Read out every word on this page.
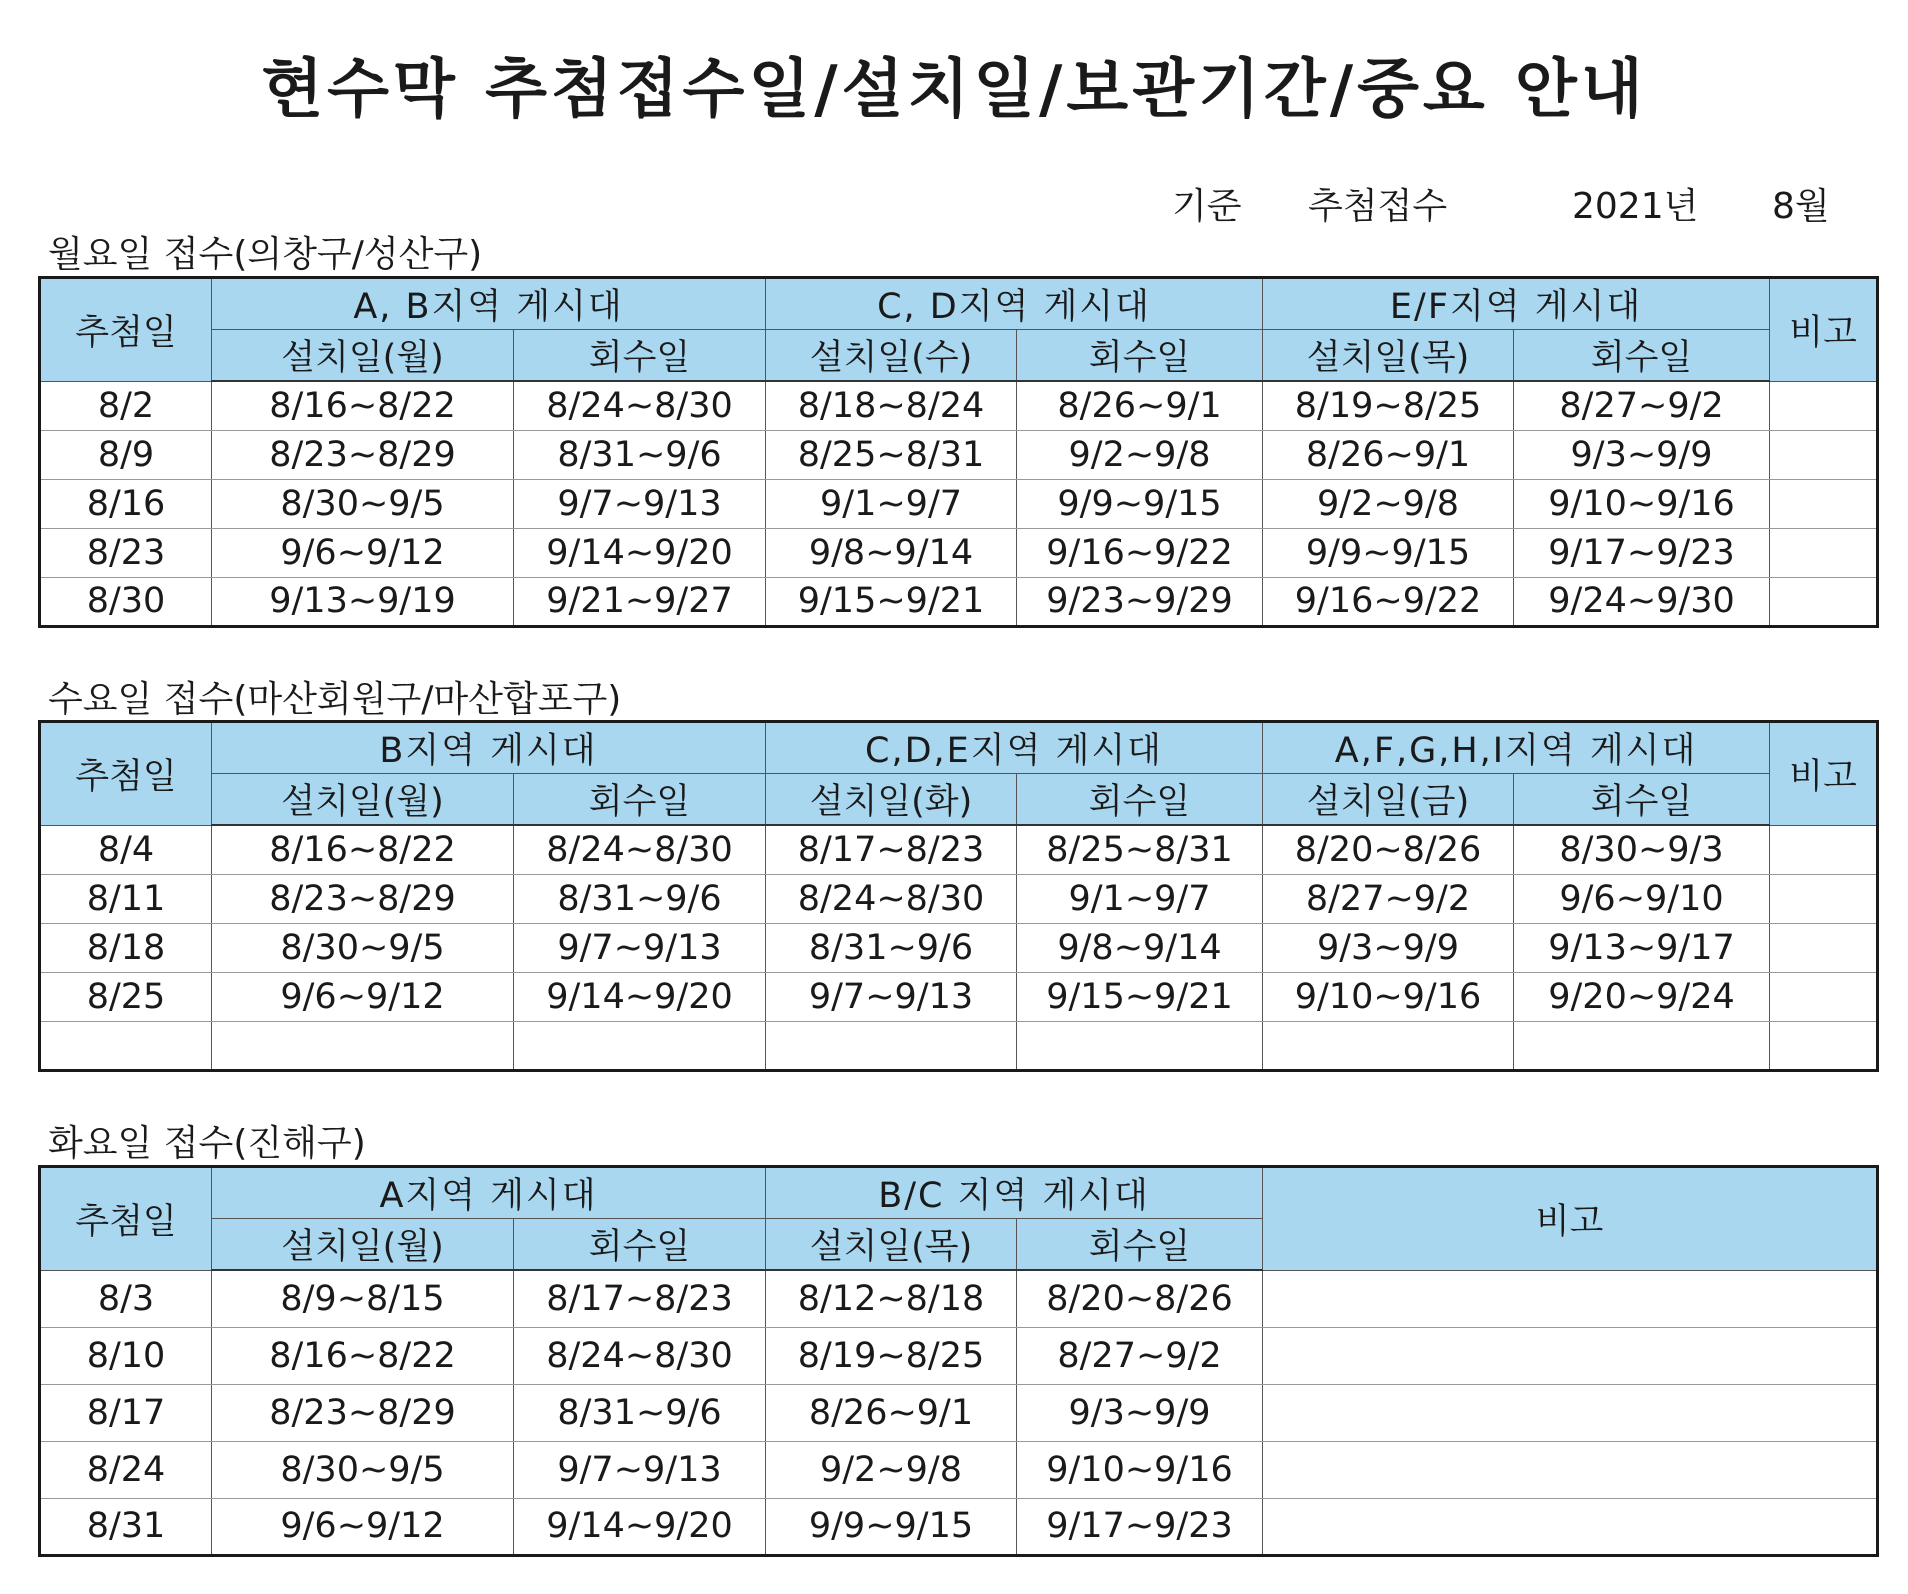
현수막 추첨접수일/설치일/보관기간/중요 안내
기준 추첨접수	2021년 8월
월요일 접수(의창구/성산구)
추첨일	A, B지역 게시대		C, D지역 게시대		E/F지역 게시대		비고
	설치일(월)	회수일	설치일(수)	회수일	설치일(목)	회수일	
8/2	8/16~8/22	8/24~8/30	8/18~8/24	8/26~9/1	8/19~8/25	8/27~9/2	
8/9	8/23~8/29	8/31~9/6	8/25~8/31	9/2~9/8	8/26~9/1	9/3~9/9	
8/16	8/30~9/5	9/7~9/13	9/1~9/7	9/9~9/15	9/2~9/8	9/10~9/16	
8/23	9/6~9/12	9/14~9/20	9/8~9/14	9/16~9/22	9/9~9/15	9/17~9/23	
8/30	9/13~9/19	9/21~9/27	9/15~9/21	9/23~9/29	9/16~9/22	9/24~9/30	
수요일 접수(마산회원구/마산합포구)
추첨일	B지역 게시대		C,D,E지역 게시대		A,F,G,H,I지역 게시대		비고
	설치일(월)	회수일	설치일(화)	회수일	설치일(금)	회수일	
8/4	8/16~8/22	8/24~8/30	8/17~8/23	8/25~8/31	8/20~8/26	8/30~9/3	
8/11	8/23~8/29	8/31~9/6	8/24~8/30	9/1~9/7	8/27~9/2	9/6~9/10	
8/18	8/30~9/5	9/7~9/13	8/31~9/6	9/8~9/14	9/3~9/9	9/13~9/17	
8/25	9/6~9/12	9/14~9/20	9/7~9/13	9/15~9/21	9/10~9/16	9/20~9/24	

화요일 접수(진해구)
추첨일	A지역 게시대		B/C 지역 게시대		비고
	설치일(월)	회수일	설치일(목)	회수일	
8/3	8/9~8/15	8/17~8/23	8/12~8/18	8/20~8/26	
8/10	8/16~8/22	8/24~8/30	8/19~8/25	8/27~9/2	
8/17	8/23~8/29	8/31~9/6	8/26~9/1	9/3~9/9	
8/24	8/30~9/5	9/7~9/13	9/2~9/8	9/10~9/16	
8/31	9/6~9/12	9/14~9/20	9/9~9/15	9/17~9/23	
